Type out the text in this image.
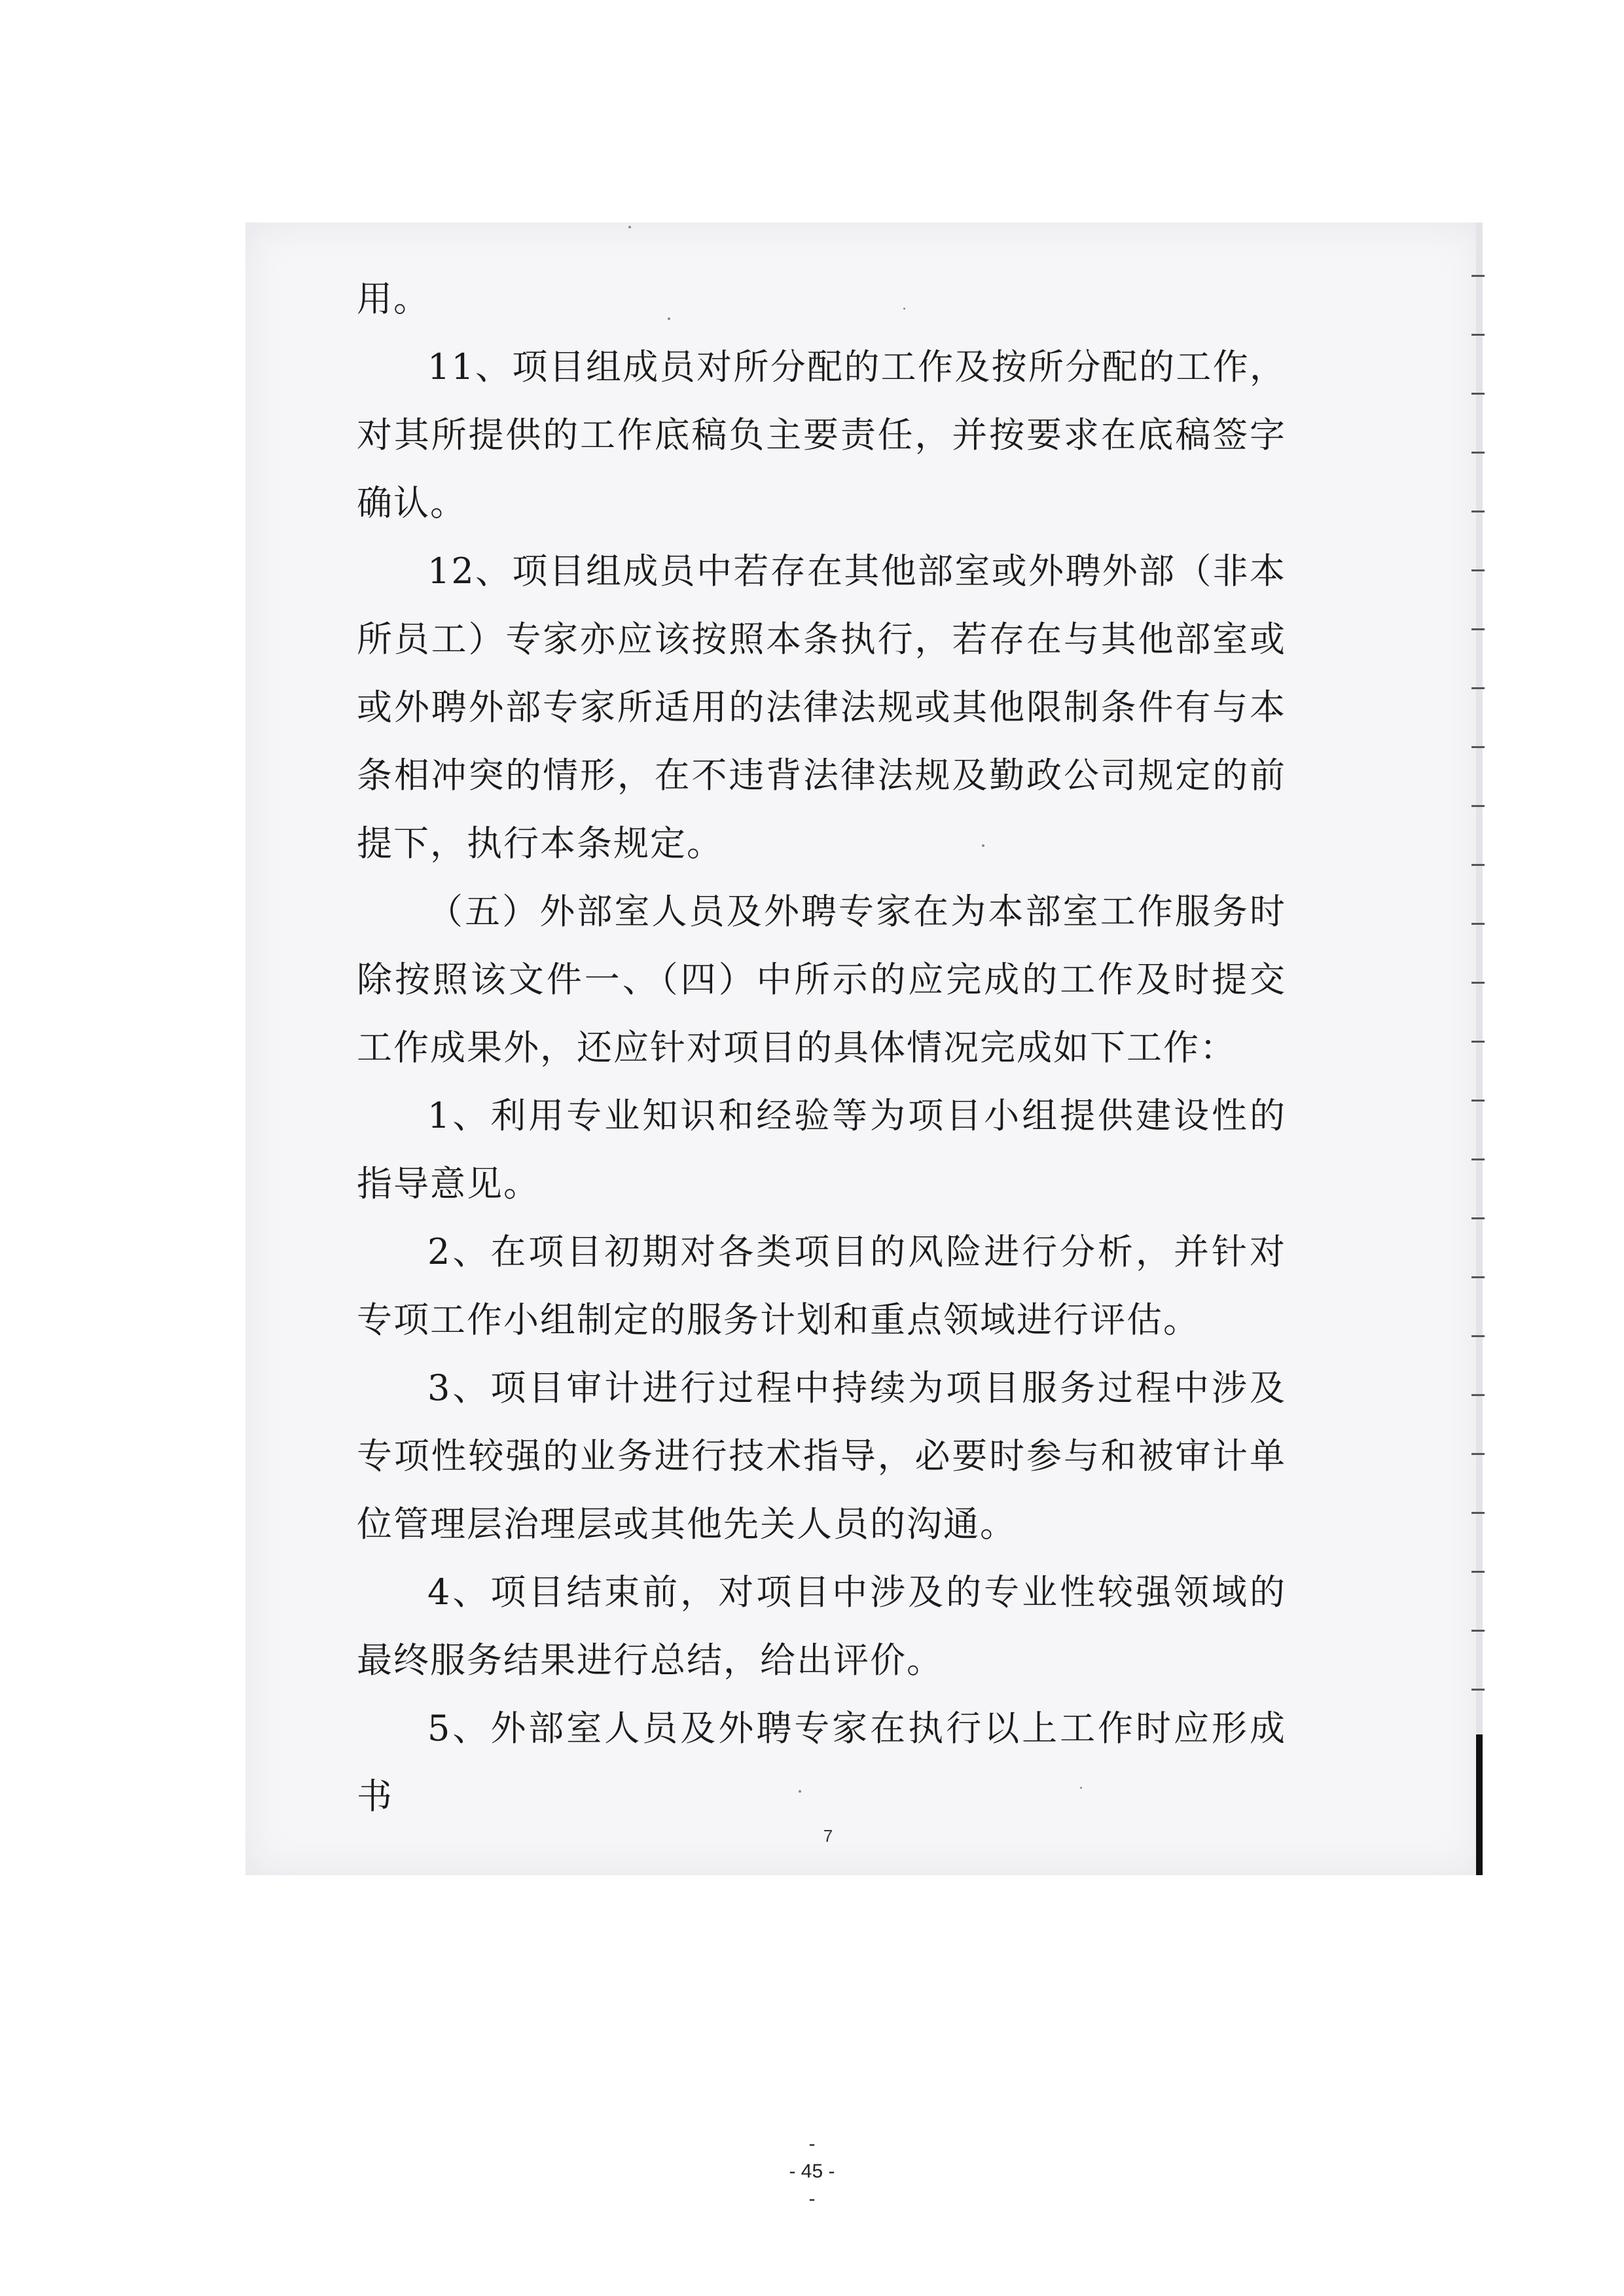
用。

11、项目组成员对所分配的工作及按所分配的工作，对其所提供的工作底稿负主要责任，并按要求在底稿签字确认。

12、项目组成员中若存在其他部室或外聘外部（非本所员工）专家亦应该按照本条执行，若存在与其他部室或或外聘外部专家所适用的法律法规或其他限制条件有与本条相冲突的情形，在不违背法律法规及勤政公司规定的前提下，执行本条规定。

（五）外部室人员及外聘专家在为本部室工作服务时除按照该文件一、（四）中所示的应完成的工作及时提交工作成果外，还应针对项目的具体情况完成如下工作：

1、利用专业知识和经验等为项目小组提供建设性的指导意见。

2、在项目初期对各类项目的风险进行分析，并针对专项工作小组制定的服务计划和重点领域进行评估。

3、项目审计进行过程中持续为项目服务过程中涉及专项性较强的业务进行技术指导，必要时参与和被审计单位管理层治理层或其他先关人员的沟通。

4、项目结束前，对项目中涉及的专业性较强领域的最终服务结果进行总结，给出评价。

5、外部室人员及外聘专家在执行以上工作时应形成书

7
-
- 45 -
-
